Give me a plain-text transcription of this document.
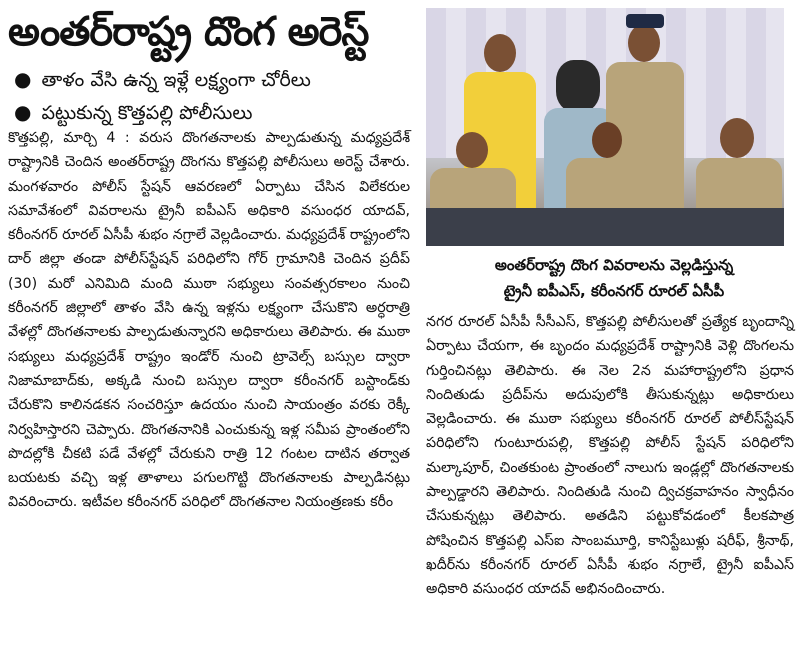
అంతర్‌రాష్ట్ర దొంగ అరెస్ట్
● తాళం వేసి ఉన్న ఇళ్లే లక్ష్యంగా చోరీలు
● పట్టుకున్న కొత్తపల్లి పోలీసులు
కొత్తపల్లి, మార్చి 4 : వరుస దొంగతనాలకు పాల్పడుతున్న మధ్యప్రదేశ్ రాష్ట్రానికి చెందిన అంతర్‌రాష్ట్ర దొంగను కొత్తపల్లి పోలీసులు అరెస్ట్ చేశారు. మంగళవారం పోలీస్ స్టేషన్ ఆవరణలో ఏర్పాటు చేసిన విలేకరుల సమావేశంలో వివరాలను ట్రైనీ ఐపీఎస్ అధికారి వసుంధర యాదవ్, కరీంనగర్ రూరల్ ఏసీపీ శుభం నగ్రాలే వెల్లడించారు. మధ్యప్రదేశ్ రాష్ట్రంలోని దార్ జిల్లా తండా పోలీస్‌స్టేషన్ పరిధిలోని గోర్ గ్రామానికి చెందిన ప్రదీప్ (30) మరో ఎనిమిది మంది ముఠా సభ్యులు సంవత్సరకాలం నుంచి కరీంనగర్ జిల్లాలో తాళం వేసి ఉన్న ఇళ్లను లక్ష్యంగా చేసుకొని అర్ధరాత్రి వేళల్లో దొంగతనాలకు పాల్పడుతున్నారని అధికారులు తెలిపారు. ఈ ముఠా సభ్యులు మధ్యప్రదేశ్ రాష్ట్రం ఇండోర్ నుంచి ట్రావెల్స్ బస్సుల ద్వారా నిజామాబాద్‌కు, అక్కడి నుంచి బస్సుల ద్వారా కరీంనగర్ బస్టాండ్‌కు చేరుకొని కాలినడకన సంచరిస్తూ ఉదయం నుంచి సాయంత్రం వరకు రెక్కీ నిర్వహిస్తారని చెప్పారు. దొంగతనానికి ఎంచుకున్న ఇళ్ల సమీప ప్రాంతంలోని పొదల్లోకి చీకటి పడే వేళల్లో చేరుకుని రాత్రి 12 గంటల దాటిన తర్వాత బయటకు వచ్చి ఇళ్ల తాళాలు పగులగొట్టి దొంగతనాలకు పాల్పడినట్లు వివరించారు. ఇటీవల కరీంనగర్ పరిధిలో దొంగతనాల నియంత్రణకు కరీం
అంతర్‌రాష్ట్ర దొంగ వివరాలను వెల్లడిస్తున్న
ట్రైనీ ఐపీఎస్, కరీంనగర్ రూరల్ ఏసీపీ
నగర రూరల్ ఏసీపీ సీసీఎస్, కొత్తపల్లి పోలీసులతో ప్రత్యేక బృందాన్ని ఏర్పాటు చేయగా, ఈ బృందం మధ్యప్రదేశ్ రాష్ట్రానికి వెళ్లి దొంగలను గుర్తించినట్లు తెలిపారు. ఈ నెల 2న మహారాష్ట్రలోని ప్రధాన నిందితుడు ప్రదీప్‌ను అదుపులోకి తీసుకున్నట్లు అధికారులు వెల్లడించారు. ఈ ముఠా సభ్యులు కరీంనగర్ రూరల్ పోలీస్‌స్టేషన్ పరిధిలోని గుంటూరుపల్లి, కొత్తపల్లి పోలీస్ స్టేషన్ పరిధిలోని మల్కాపూర్, చింతకుంట ప్రాంతంలో నాలుగు ఇండ్లల్లో దొంగతనాలకు పాల్పడ్డారని తెలిపారు. నిందితుడి నుంచి ద్విచక్రవాహనం స్వాధీనం చేసుకున్నట్లు తెలిపారు. అతడిని పట్టుకోవడంలో కీలకపాత్ర పోషించిన కొత్తపల్లి ఎస్‌ఐ సాంబమూర్తి, కానిస్టేబుళ్లు షరీఫ్, శ్రీనాథ్, ఖదీర్‌ను కరీంనగర్ రూరల్ ఏసీపీ శుభం నగ్రాలే, ట్రైనీ ఐపీఎస్ అధికారి వసుంధర యాదవ్ అభినందించారు.
